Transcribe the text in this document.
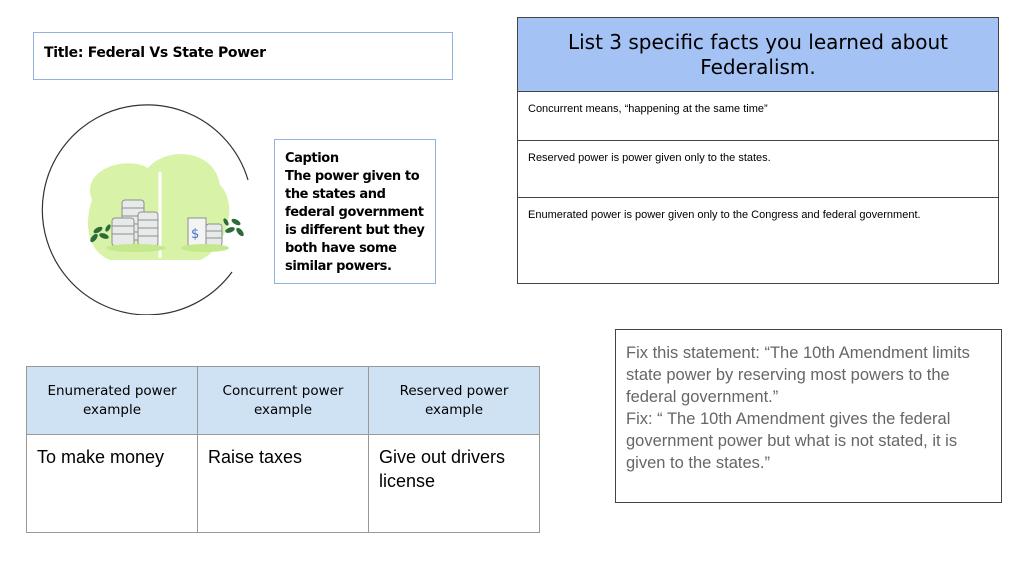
Title: Federal Vs State Power
$
Caption
The power given to the states and federal government is different but they both have some similar powers.
List 3 specific facts you learned about Federalism.
Concurrent means, “happening at the same time”
Reserved power is power given only to the states.
Enumerated power is power given only to the Congress and federal government.
Enumerated power example	Concurrent power example	Reserved power example
To make money	Raise taxes	Give out drivers license
Fix this statement: “The 10th Amendment limits state power by reserving most powers to the federal government.”
Fix: “ The 10th Amendment gives the federal government power but what is not stated, it is given to the states.”
